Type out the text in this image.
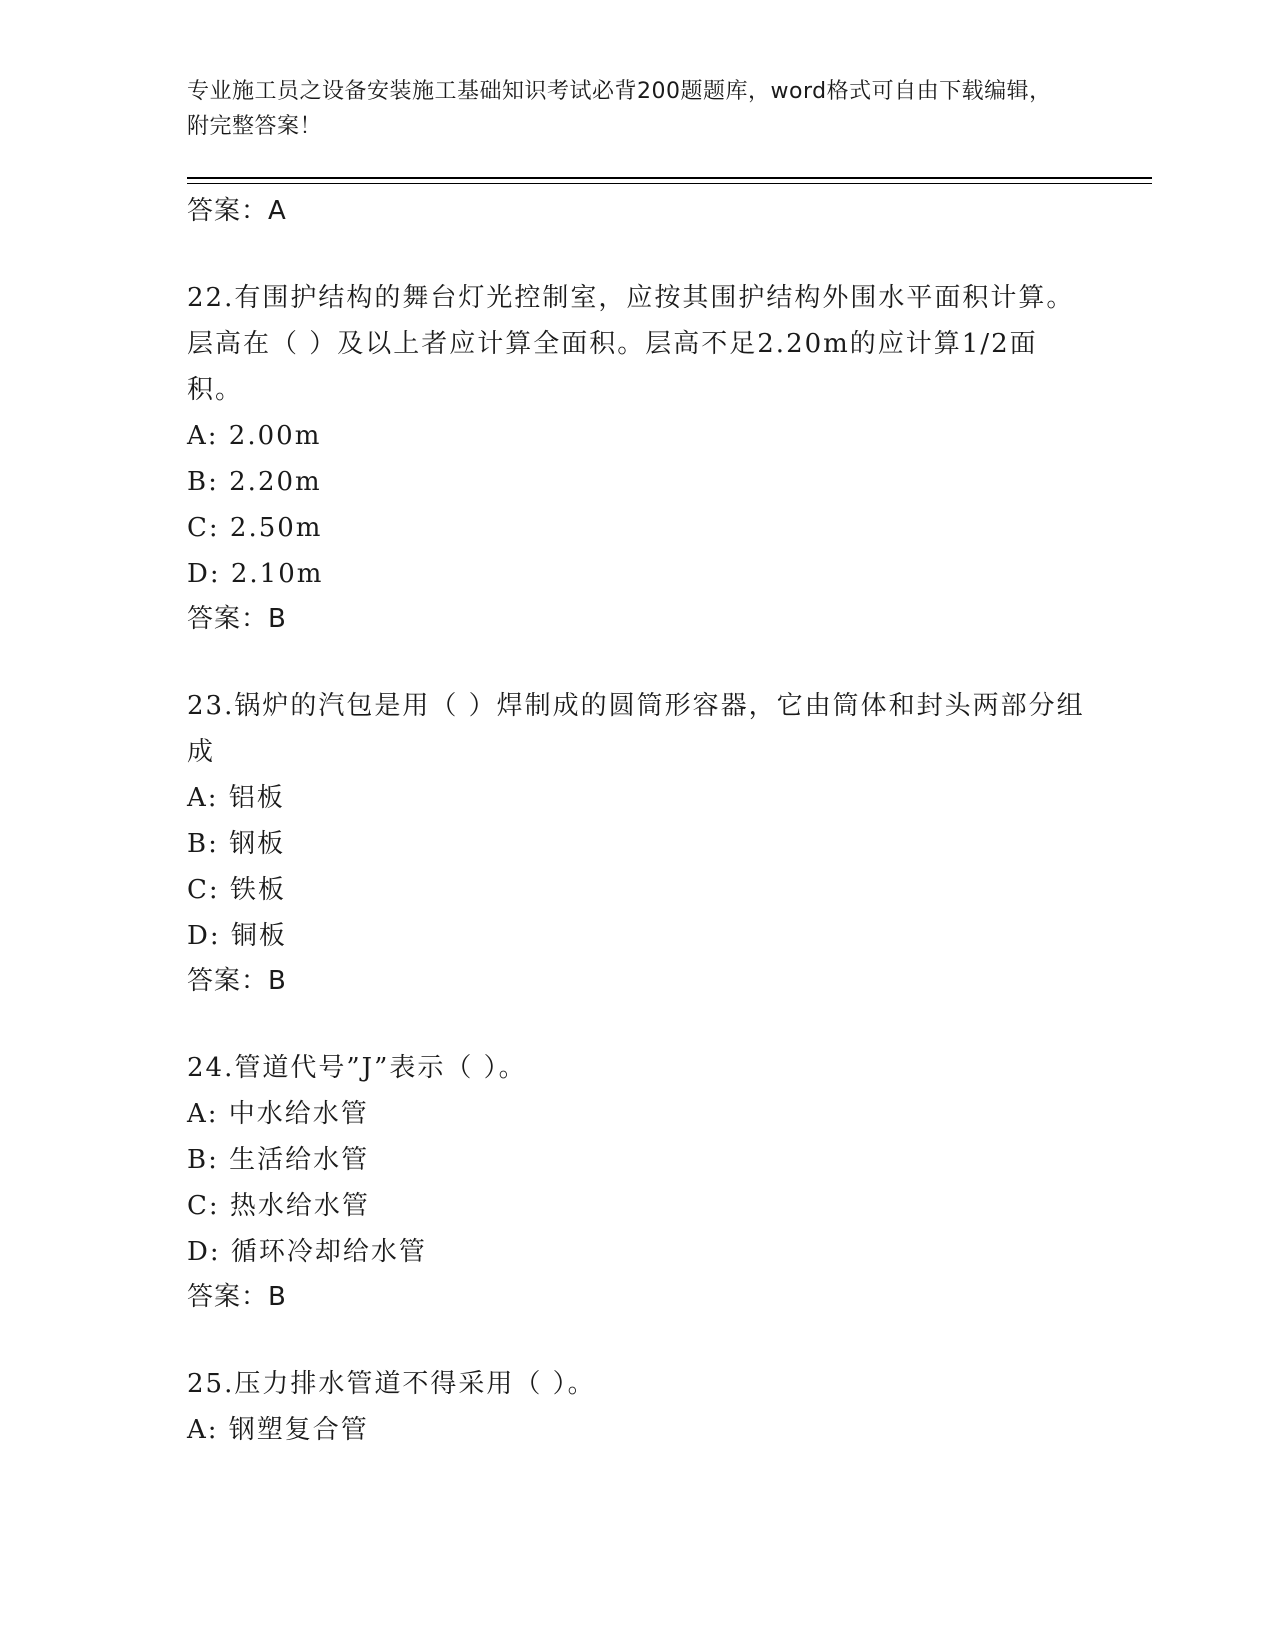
专业施工员之设备安装施工基础知识考试必背200题题库，word格式可自由下载编辑，附完整答案！
答案：A
22.有围护结构的舞台灯光控制室，应按其围护结构外围水平面积计算。层高在（ ）及以上者应计算全面积。层高不足2.20m的应计算1/2面积。
A: 2.00m
B: 2.20m
C: 2.50m
D: 2.10m
答案：B
23.锅炉的汽包是用（ ）焊制成的圆筒形容器，它由筒体和封头两部分组成
A: 铝板
B: 钢板
C: 铁板
D: 铜板
答案：B
24.管道代号”J”表示（ ）。
A: 中水给水管
B: 生活给水管
C: 热水给水管
D: 循环冷却给水管
答案：B
25.压力排水管道不得采用（ ）。
A: 钢塑复合管
